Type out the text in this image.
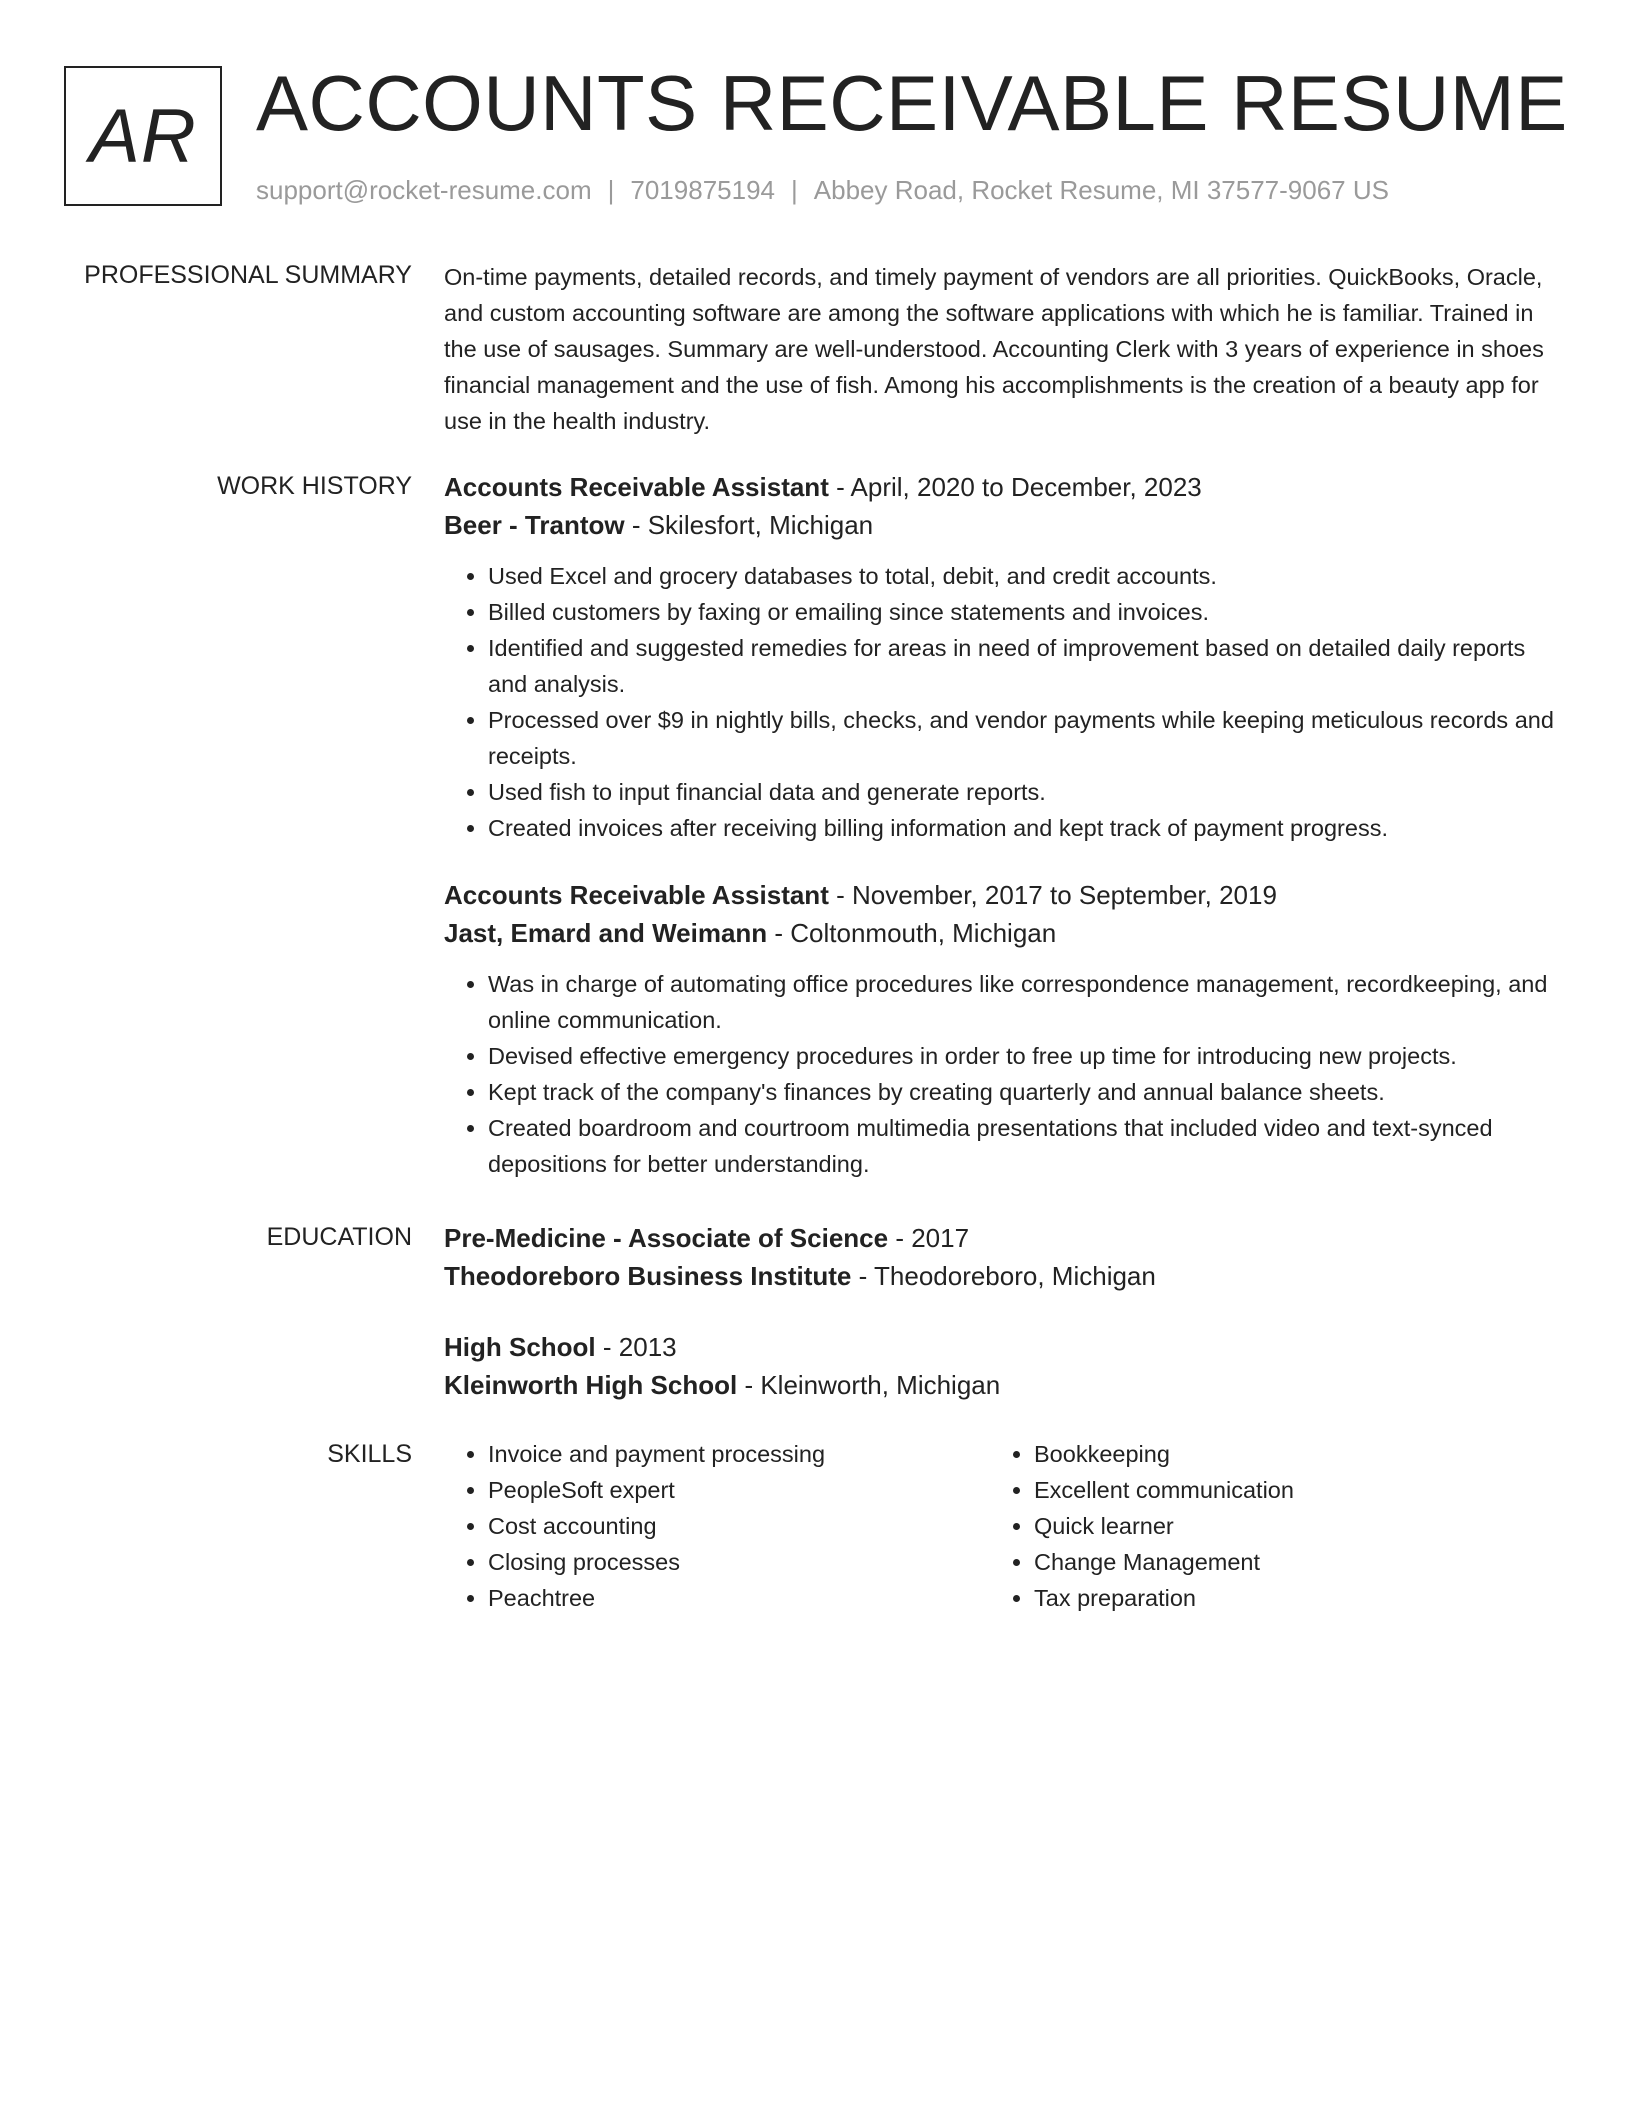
AR ACCOUNTS RECEIVABLE RESUME
support@rocket-resume.com | 7019875194 | Abbey Road, Rocket Resume, MI 37577-9067 US
PROFESSIONAL SUMMARY On-time payments, detailed records, and timely payment of vendors are all priorities. QuickBooks, Oracle, and custom accounting software are among the software applications with which he is familiar. Trained in the use of sausages. Summary are well-understood. Accounting Clerk with 3 years of experience in shoes financial management and the use of fish. Among his accomplishments is the creation of a beauty app for use in the health industry.

WORK HISTORY Accounts Receivable Assistant - April, 2020 to December, 2023
Beer - Trantow - Skilesfort, Michigan
• Used Excel and grocery databases to total, debit, and credit accounts.
• Billed customers by faxing or emailing since statements and invoices.
• Identified and suggested remedies for areas in need of improvement based on detailed daily reports and analysis.
• Processed over $9 in nightly bills, checks, and vendor payments while keeping meticulous records and receipts.
• Used fish to input financial data and generate reports.
• Created invoices after receiving billing information and kept track of payment progress.
Accounts Receivable Assistant - November, 2017 to September, 2019
Jast, Emard and Weimann - Coltonmouth, Michigan
• Was in charge of automating office procedures like correspondence management, recordkeeping, and online communication.
• Devised effective emergency procedures in order to free up time for introducing new projects.
• Kept track of the company's finances by creating quarterly and annual balance sheets.
• Created boardroom and courtroom multimedia presentations that included video and text-synced depositions for better understanding.
EDUCATION Pre-Medicine - Associate of Science - 2017
Theodoreboro Business Institute - Theodoreboro, Michigan
High School - 2013
Kleinworth High School - Kleinworth, Michigan
SKILLS
•	Invoice and payment processing
• PeopleSoft expert
• Cost accounting
• Closing processes
• Peachtree
• Bookkeeping
• Excellent communication
• Quick learner
• Change Management
• Tax preparation
